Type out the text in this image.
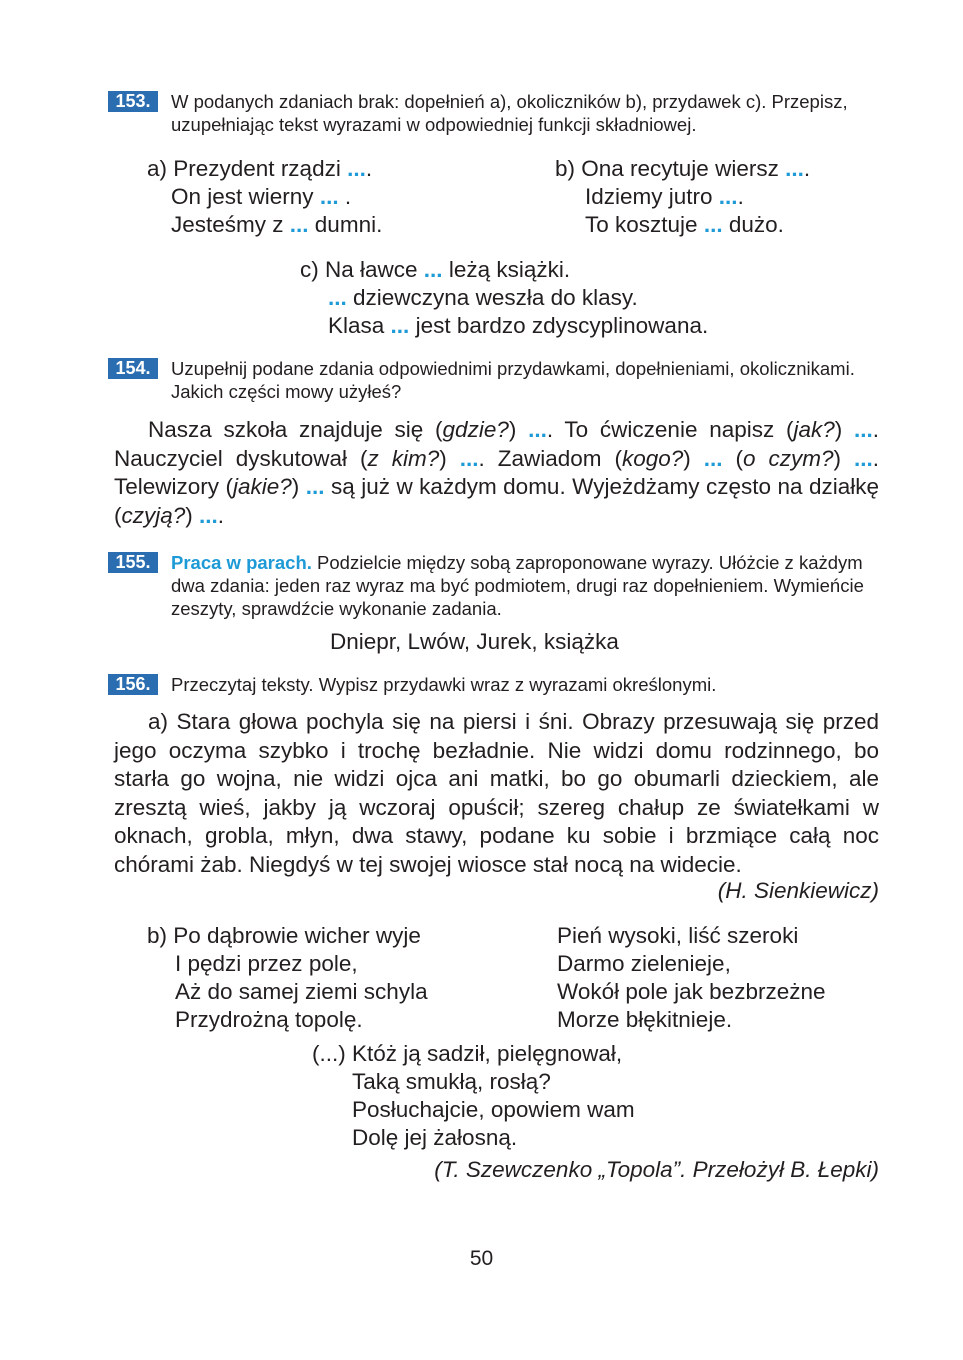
153.	W podanych zdaniach brak: dopełnień a), okoliczników b), przydawek c). Przepisz, uzupełniając tekst wyrazami w odpowiedniej funkcji składniowej.
a) Prezydent rządzi ....
On jest wierny ... .
Jesteśmy z ... dumni.
b) Ona recytuje wiersz ....
Idziemy jutro ....
To kosztuje ... dużo.
c) Na ławce ... leżą książki.
... dziewczyna weszła do klasy.
Klasa ... jest bardzo zdyscyplinowana.
154.	Uzupełnij podane zdania odpowiednimi przydawkami, dopełnieniami, okolicznikami. Jakich części mowy użyłeś?
Nasza szkoła znajduje się (gdzie?) .... To ćwiczenie napisz (jak?) .... Nauczyciel dyskutował (z kim?) .... Zawiadom (kogo?) ... (o czym?) .... Telewizory (jakie?) ... są już w każdym domu. Wyjeżdżamy często na działkę (czyją?) ....
155.	Praca w parach. Podzielcie między sobą zaproponowane wyrazy. Ułóżcie z każdym dwa zdania: jeden raz wyraz ma być podmiotem, drugi raz dopełnieniem. Wymieńcie zeszyty, sprawdźcie wykonanie zadania.
Dniepr, Lwów, Jurek, książka
156.	Przeczytaj teksty. Wypisz przydawki wraz z wyrazami określonymi.
a) Stara głowa pochyla się na piersi i śni. Obrazy przesuwają się przed jego oczyma szybko i trochę bezładnie. Nie widzi domu rodzinnego, bo starła go wojna, nie widzi ojca ani matki, bo go obumarli dzieckiem, ale zresztą wieś, jakby ją wczoraj opuścił; szereg chałup ze światełkami w oknach, grobla, młyn, dwa stawy, podane ku sobie i brzmiące całą noc chórami żab. Niegdyś w tej swojej wiosce stał nocą na widecie.
(H. Sienkiewicz)
b) Po dąbrowie wicher wyje
I pędzi przez pole,
Aż do samej ziemi schyla
Przydrożną topolę.
Pień wysoki, liść szeroki
Darmo zielenieje,
Wokół pole jak bezbrzeżne
Morze błękitnieje.
(...) Któż ją sadził, pielęgnował,
Taką smukłą, rosłą?
Posłuchajcie, opowiem wam
Dolę jej żałosną.
(T. Szewczenko „Topola”. Przełożył B. Łepki)
50
